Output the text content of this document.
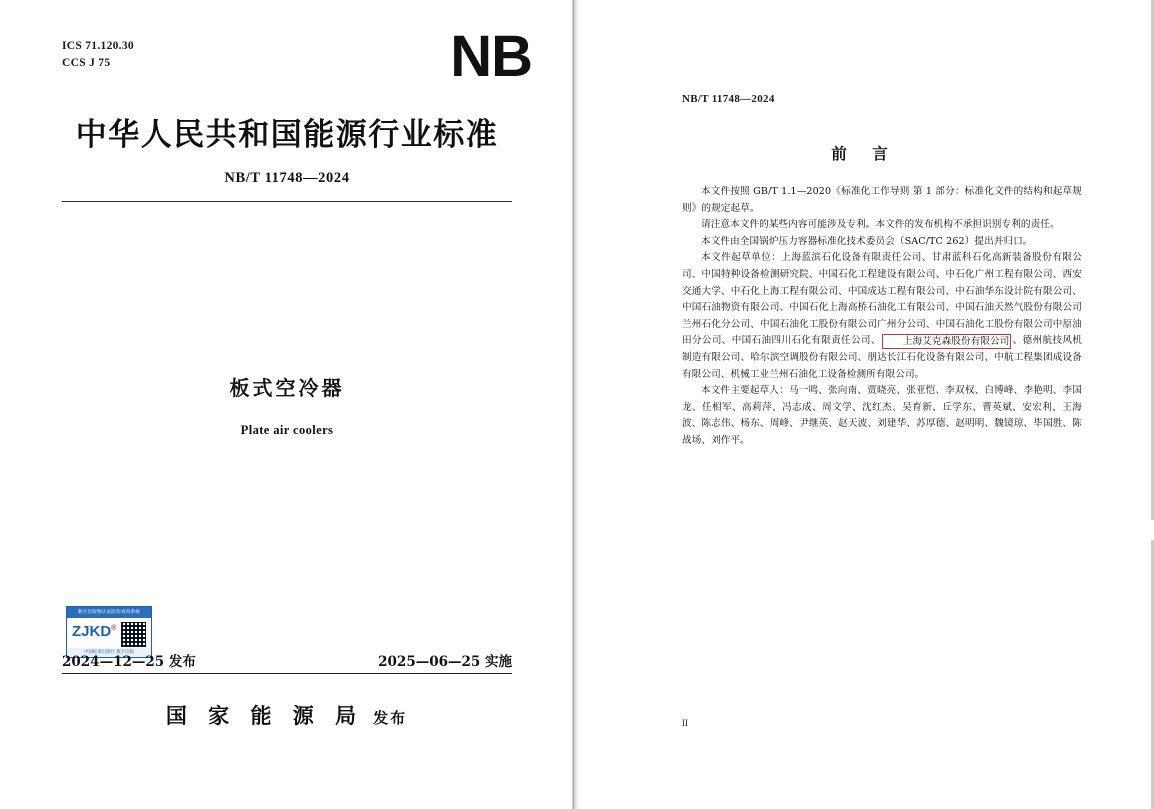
NB
ICS 71.120.30
CCS J 75
中华人民共和国能源行业标准
NB/T 11748—2024
板式空冷器
Plate air coolers
数字出版物认证防伪查询系统
ZJKD®
中国标准出版社 数字出版
2024—12—25 发布	2025—06—25 实施
国 家 能 源 局 发布
NB/T 11748—2024
前 言

本文件按照 GB/T 1.1—2020《标准化工作导则 第 1 部分：标准化文件的结构和起草规则》的规定起草。

请注意本文件的某些内容可能涉及专利。本文件的发布机构不承担识别专利的责任。

本文件由全国锅炉压力容器标准化技术委员会（SAC/TC 262）提出并归口。

本文件起草单位：上海蓝滨石化设备有限责任公司、甘肃蓝科石化高新装备股份有限公司、中国特种设备检测研究院、中国石化工程建设有限公司、中石化广州工程有限公司、西安交通大学、中石化上海工程有限公司、中国成达工程有限公司、中石油华东设计院有限公司、中国石油物资有限公司、中国石化上海高桥石油化工有限公司、中国石油天然气股份有限公司兰州石化分公司、中国石油化工股份有限公司广州分公司、中国石油化工股份有限公司中原油田分公司、中国石油四川石化有限责任公司、 上海艾克森股份有限公司 、德州航技风机制造有限公司、哈尔滨空调股份有限公司、朋达长江石化设备有限公司、中航工程集团成设备有限公司、机械工业兰州石油化工设备检测所有限公司。

本文件主要起草人：马一鸣、张向南、贾晓亮、张亚恺、李双权、白博峰、李艳明、李国龙、任相军、高莉萍、冯志成、周文学、沈红杰、吴育新、丘学东、曹英斌、安宏利、王海波、陈志伟、杨东、周峰、尹继英、赵天波、刘建华、苏厚德、赵明明、魏镜琼、毕国胜、陈战场、刘作平。

II
